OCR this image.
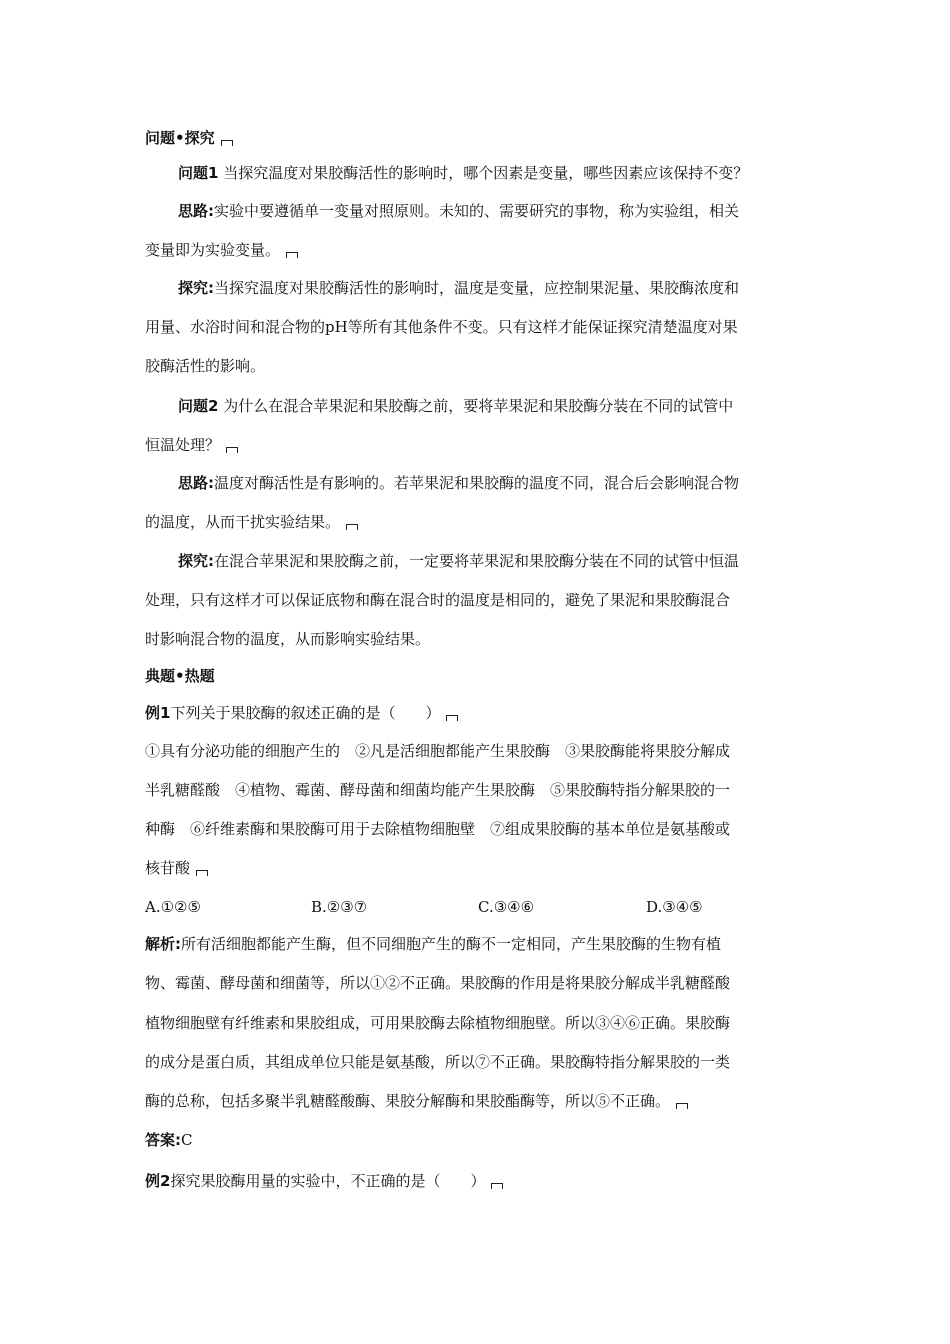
问题•探究
问题1 当探究温度对果胶酶活性的影响时，哪个因素是变量，哪些因素应该保持不变？
思路:实验中要遵循单一变量对照原则。未知的、需要研究的事物，称为实验组，相关
变量即为实验变量。
探究:当探究温度对果胶酶活性的影响时，温度是变量，应控制果泥量、果胶酶浓度和
用量、水浴时间和混合物的pH等所有其他条件不变。只有这样才能保证探究清楚温度对果
胶酶活性的影响。
问题2 为什么在混合苹果泥和果胶酶之前，要将苹果泥和果胶酶分装在不同的试管中
恒温处理？
思路:温度对酶活性是有影响的。若苹果泥和果胶酶的温度不同，混合后会影响混合物
的温度，从而干扰实验结果。
探究:在混合苹果泥和果胶酶之前，一定要将苹果泥和果胶酶分装在不同的试管中恒温
处理，只有这样才可以保证底物和酶在混合时的温度是相同的，避免了果泥和果胶酶混合
时影响混合物的温度，从而影响实验结果。
典题•热题
例1下列关于果胶酶的叙述正确的是（　　）
①具有分泌功能的细胞产生的　②凡是活细胞都能产生果胶酶　③果胶酶能将果胶分解成
半乳糖醛酸　④植物、霉菌、酵母菌和细菌均能产生果胶酶　⑤果胶酶特指分解果胶的一
种酶　⑥纤维素酶和果胶酶可用于去除植物细胞壁　⑦组成果胶酶的基本单位是氨基酸或
核苷酸
A.①②⑤	B.②③⑦	C.③④⑥	D.③④⑤
解析:所有活细胞都能产生酶，但不同细胞产生的酶不一定相同，产生果胶酶的生物有植
物、霉菌、酵母菌和细菌等，所以①②不正确。果胶酶的作用是将果胶分解成半乳糖醛酸
植物细胞壁有纤维素和果胶组成，可用果胶酶去除植物细胞壁。所以③④⑥正确。果胶酶
的成分是蛋白质，其组成单位只能是氨基酸，所以⑦不正确。果胶酶特指分解果胶的一类
酶的总称，包括多聚半乳糖醛酸酶、果胶分解酶和果胶酯酶等，所以⑤不正确。
答案:C
例2探究果胶酶用量的实验中，不正确的是（　　）
